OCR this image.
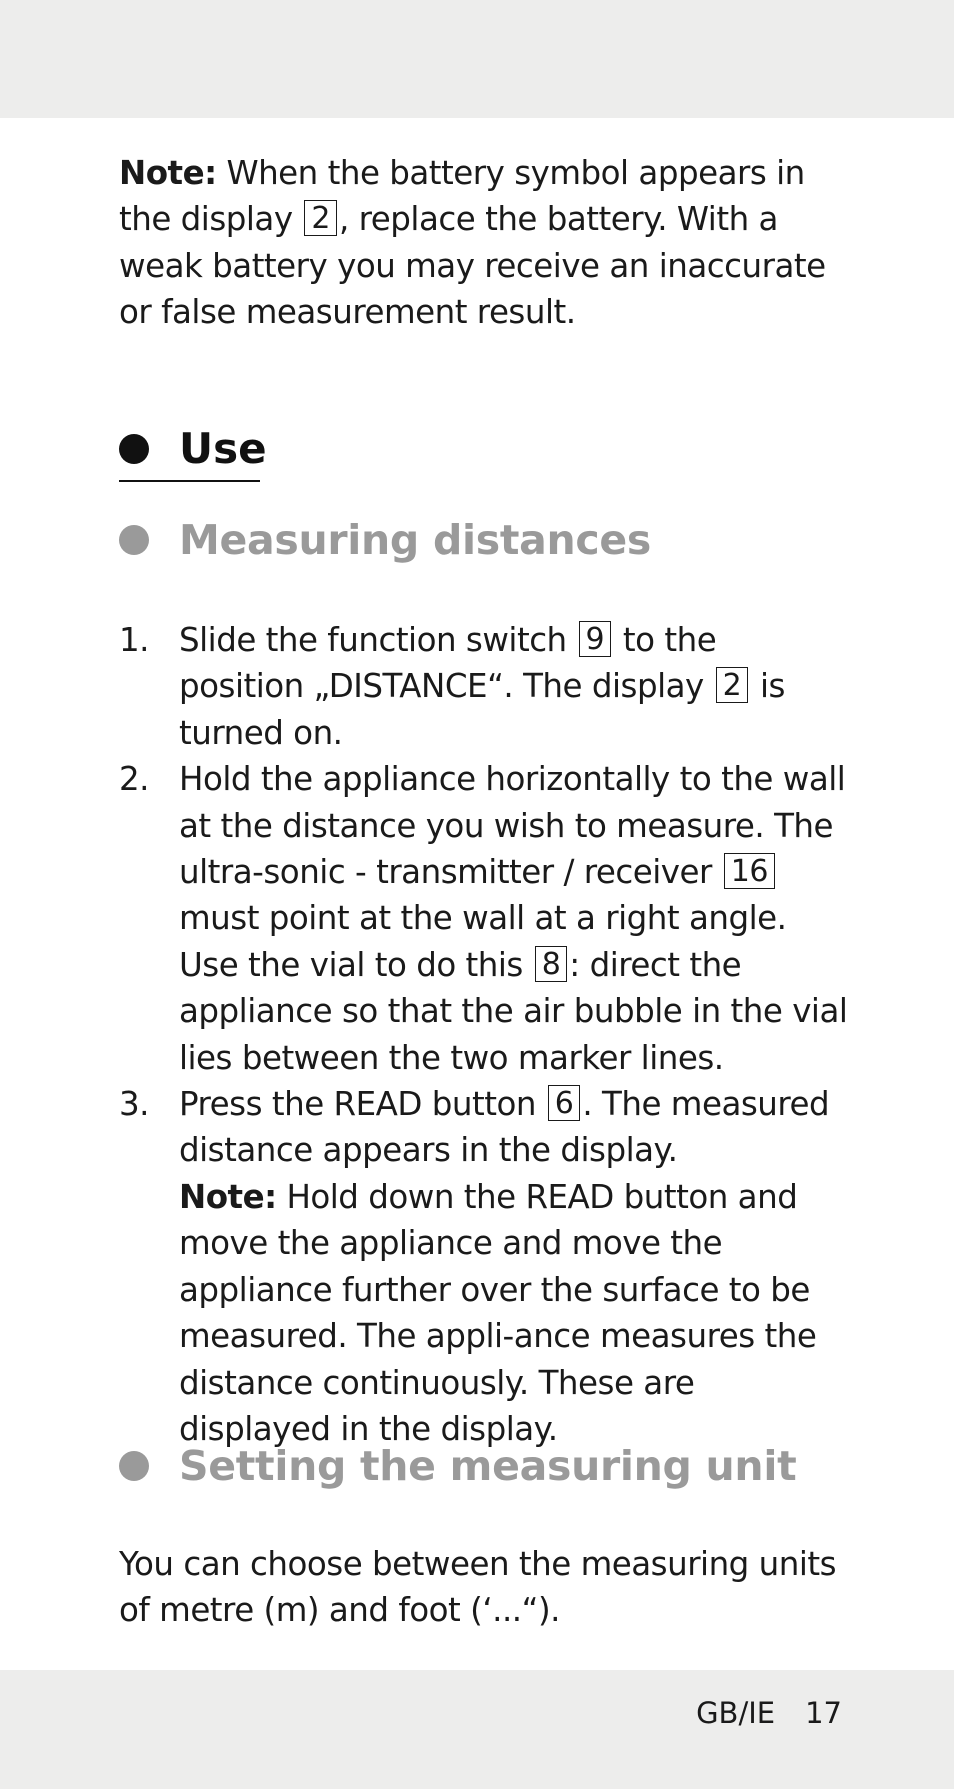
Note: When the battery symbol appears in the display 2 , replace the battery. With a weak battery you may receive an inaccurate or false measurement result.

Use
Measuring distances
1. Slide the function switch 9 to the position „DISTANCE“. The display 2 is turned on.
2. Hold the appliance horizontally to the wall at the distance you wish to measure. The ultra-sonic - transmitter / receiver 16 must point at the wall at a right angle. Use the vial to do this 8 : direct the appliance so that the air bubble in the vial lies between the two marker lines.
3. Press the READ button 6 . The measured distance appears in the display.
Note: Hold down the READ button and move the appliance and move the appliance further over the surface to be measured. The appli-ance measures the distance continuously. These are displayed in the display.
Setting the measuring unit

You can choose between the measuring units of metre (m) and foot (‘...“).

GB/IE 17
